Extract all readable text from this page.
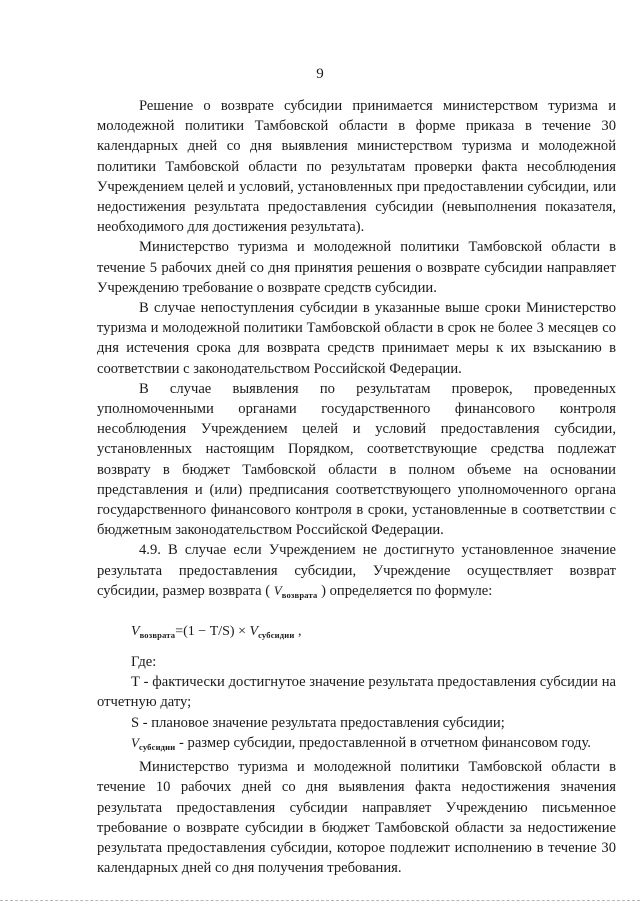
9

Решение о возврате субсидии принимается министерством туризма и молодежной политики Тамбовской области в форме приказа в течение 30 календарных дней со дня выявления министерством туризма и молодежной политики Тамбовской области по результатам проверки факта несоблюдения Учреждением целей и условий, установленных при предоставлении субсидии, или недостижения результата предоставления субсидии (невыполнения показателя, необходимого для достижения результата).

Министерство туризма и молодежной политики Тамбовской области в течение 5 рабочих дней со дня принятия решения о возврате субсидии направляет Учреждению требование о возврате средств субсидии.

В случае непоступления субсидии в указанные выше сроки Министерство туризма и молодежной политики Тамбовской области в срок не более 3 месяцев со дня истечения срока для возврата средств принимает меры к их взысканию в соответствии с законодательством Российской Федерации.

В случае выявления по результатам проверок, проведенных уполномоченными органами государственного финансового контроля несоблюдения Учреждением целей и условий предоставления субсидии, установленных настоящим Порядком, соответствующие средства подлежат возврату в бюджет Тамбовской области в полном объеме на основании представления и (или) предписания соответствующего уполномоченного органа государственного финансового контроля в сроки, установленные в соответствии с бюджетным законодательством Российской Федерации.

4.9. В случае если Учреждением не достигнуто установленное значение результата предоставления субсидии, Учреждение осуществляет возврат субсидии, размер возврата ( $V_{возврата}$ ) определяется по формуле:

$V_{возврата}=(1 - T/S) \times V_{субсидии}$ ,
Где:

Т - фактически достигнутое значение результата предоставления субсидии на отчетную дату;

S - плановое значение результата предоставления субсидии;

$V_{субсидии}$ - размер субсидии, предоставленной в отчетном финансовом году.

Министерство туризма и молодежной политики Тамбовской области в течение 10 рабочих дней со дня выявления факта недостижения значения результата предоставления субсидии направляет Учреждению письменное требование о возврате субсидии в бюджет Тамбовской области за недостижение результата предоставления субсидии, которое подлежит исполнению в течение 30 календарных дней со дня получения требования.
